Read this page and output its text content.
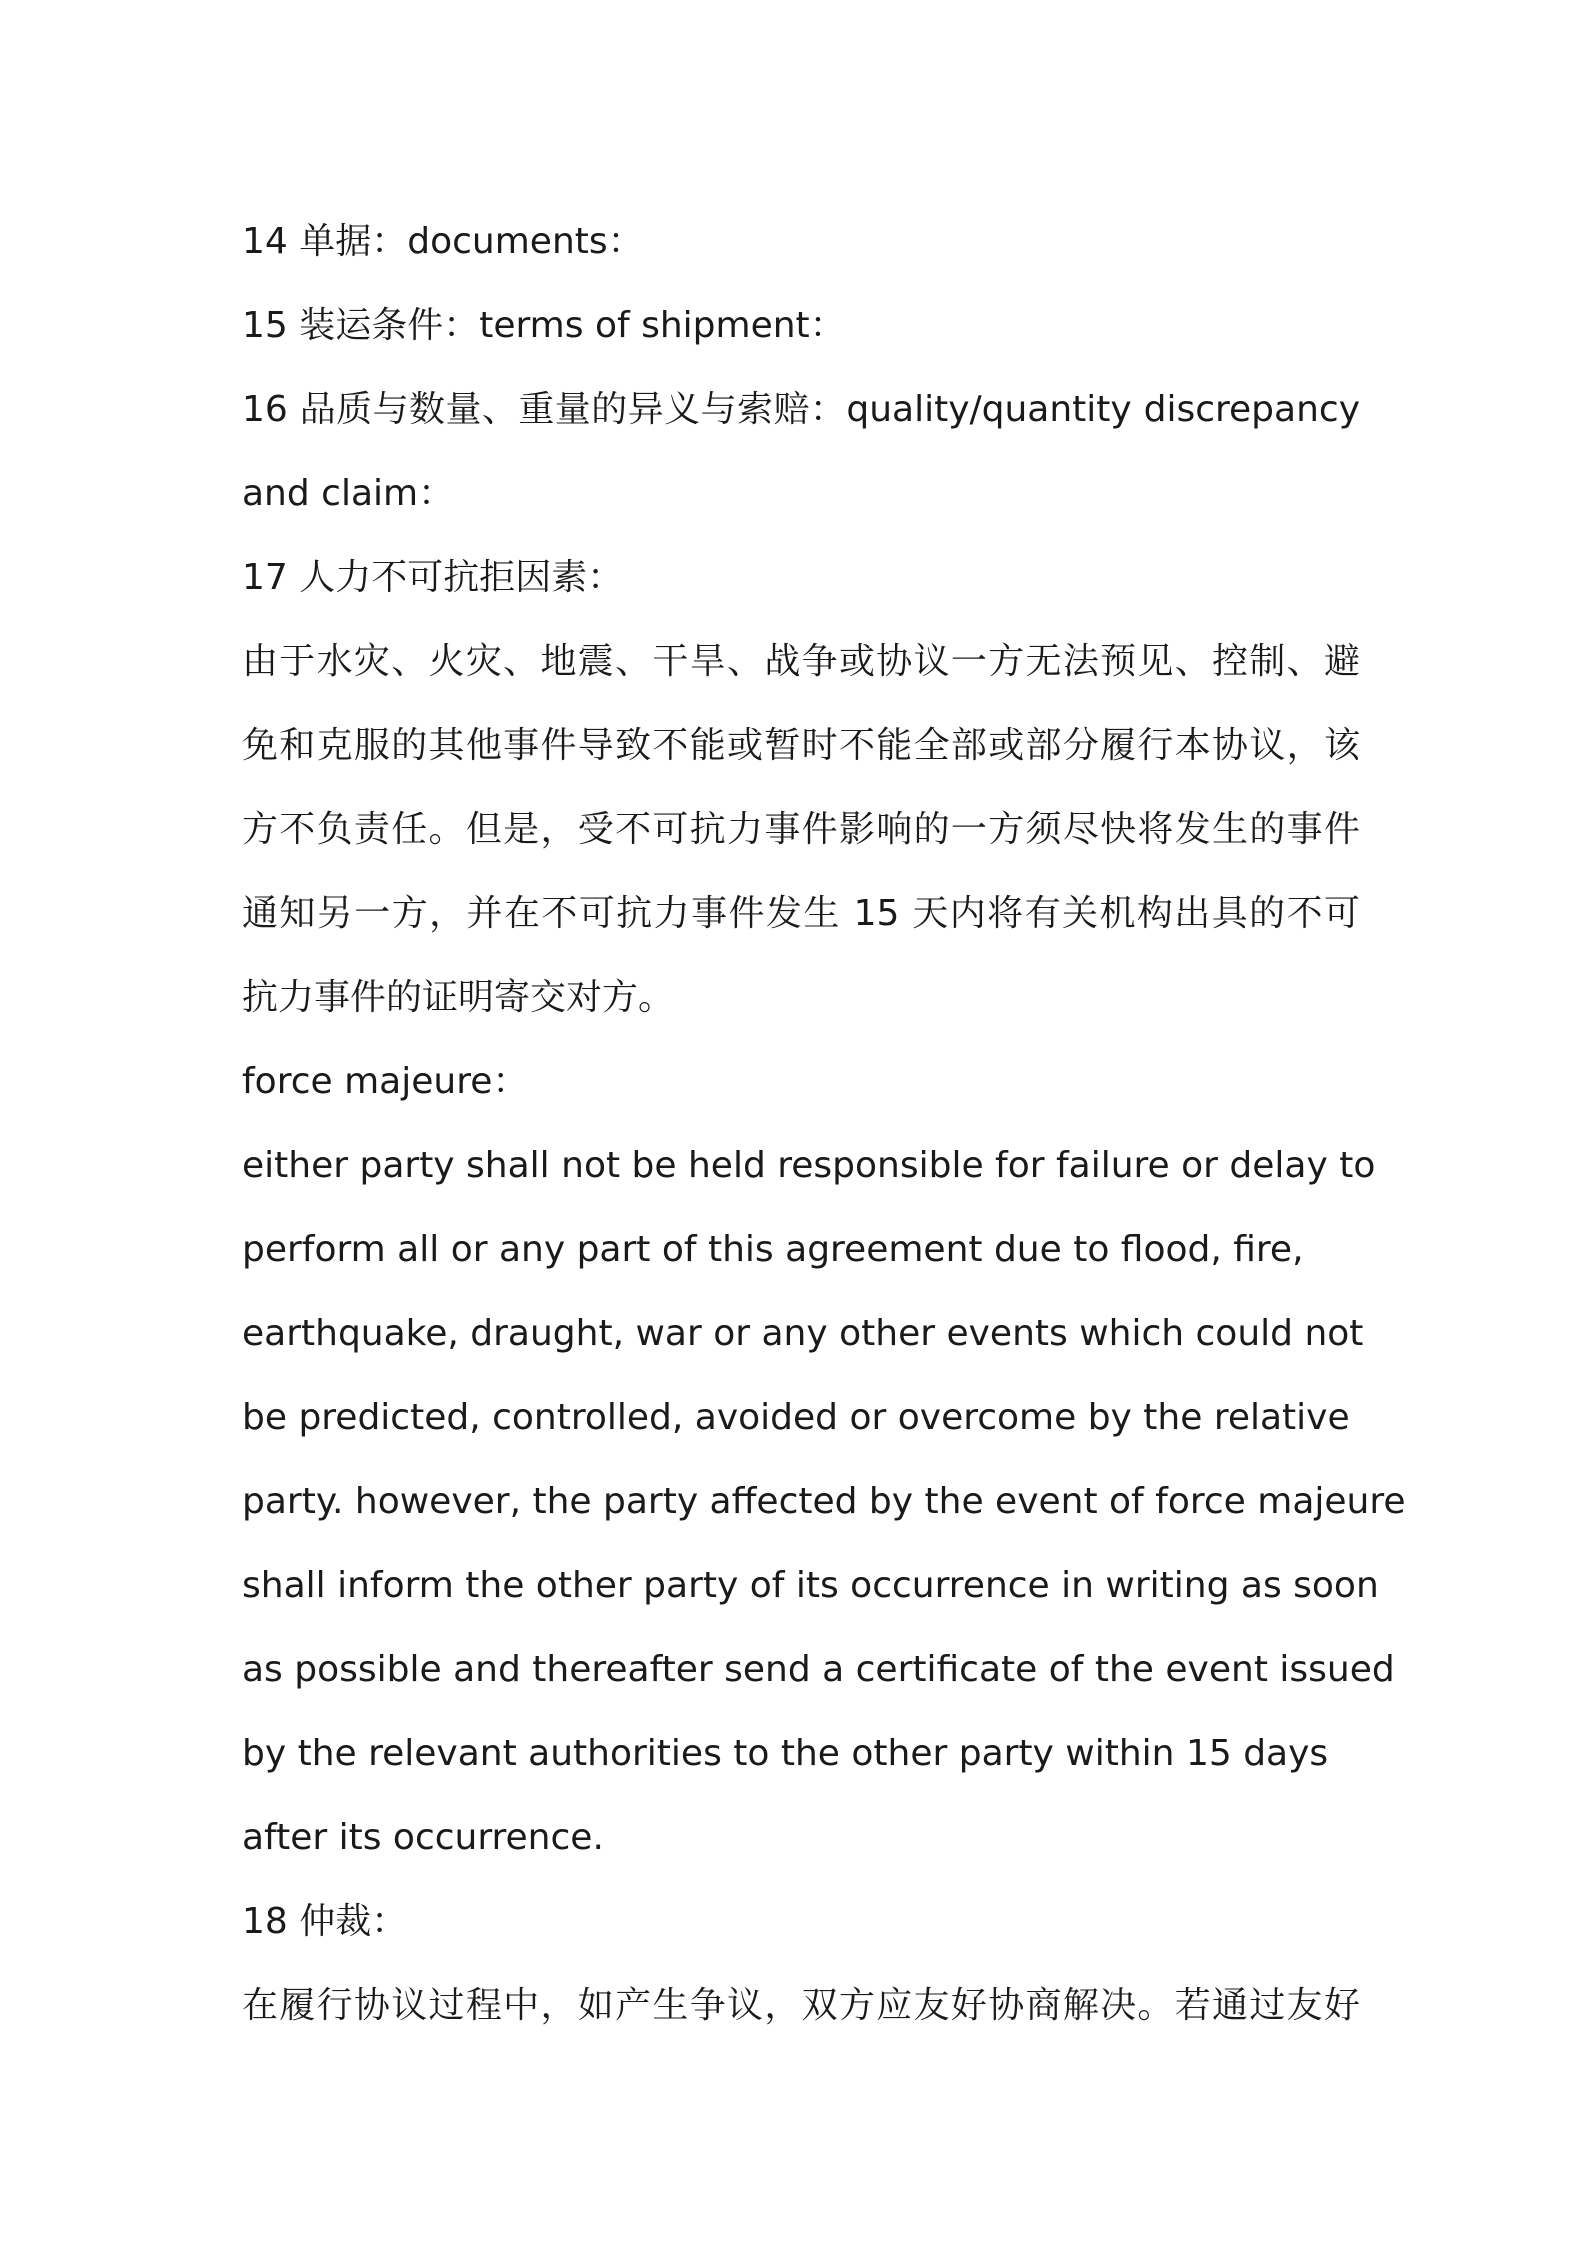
14 单据：documents：
15 装运条件：terms of shipment：
16 品质与数量、重量的异义与索赔：quality/quantity discrepancy
and claim：
17 人力不可抗拒因素：
由于水灾、火灾、地震、干旱、战争或协议一方无法预见、控制、避
免和克服的其他事件导致不能或暂时不能全部或部分履行本协议，该
方不负责任。但是，受不可抗力事件影响的一方须尽快将发生的事件
通知另一方，并在不可抗力事件发生 15 天内将有关机构出具的不可
抗力事件的证明寄交对方。
force majeure：
either party shall not be held responsible for failure or delay to
perform all or any part of this agreement due to flood, fire,
earthquake, draught, war or any other events which could not
be predicted, controlled, avoided or overcome by the relative
party. however, the party affected by the event of force majeure
shall inform the other party of its occurrence in writing as soon
as possible and thereafter send a certificate of the event issued
by the relevant authorities to the other party within 15 days
after its occurrence.
18 仲裁：
在履行协议过程中，如产生争议，双方应友好协商解决。若通过友好
